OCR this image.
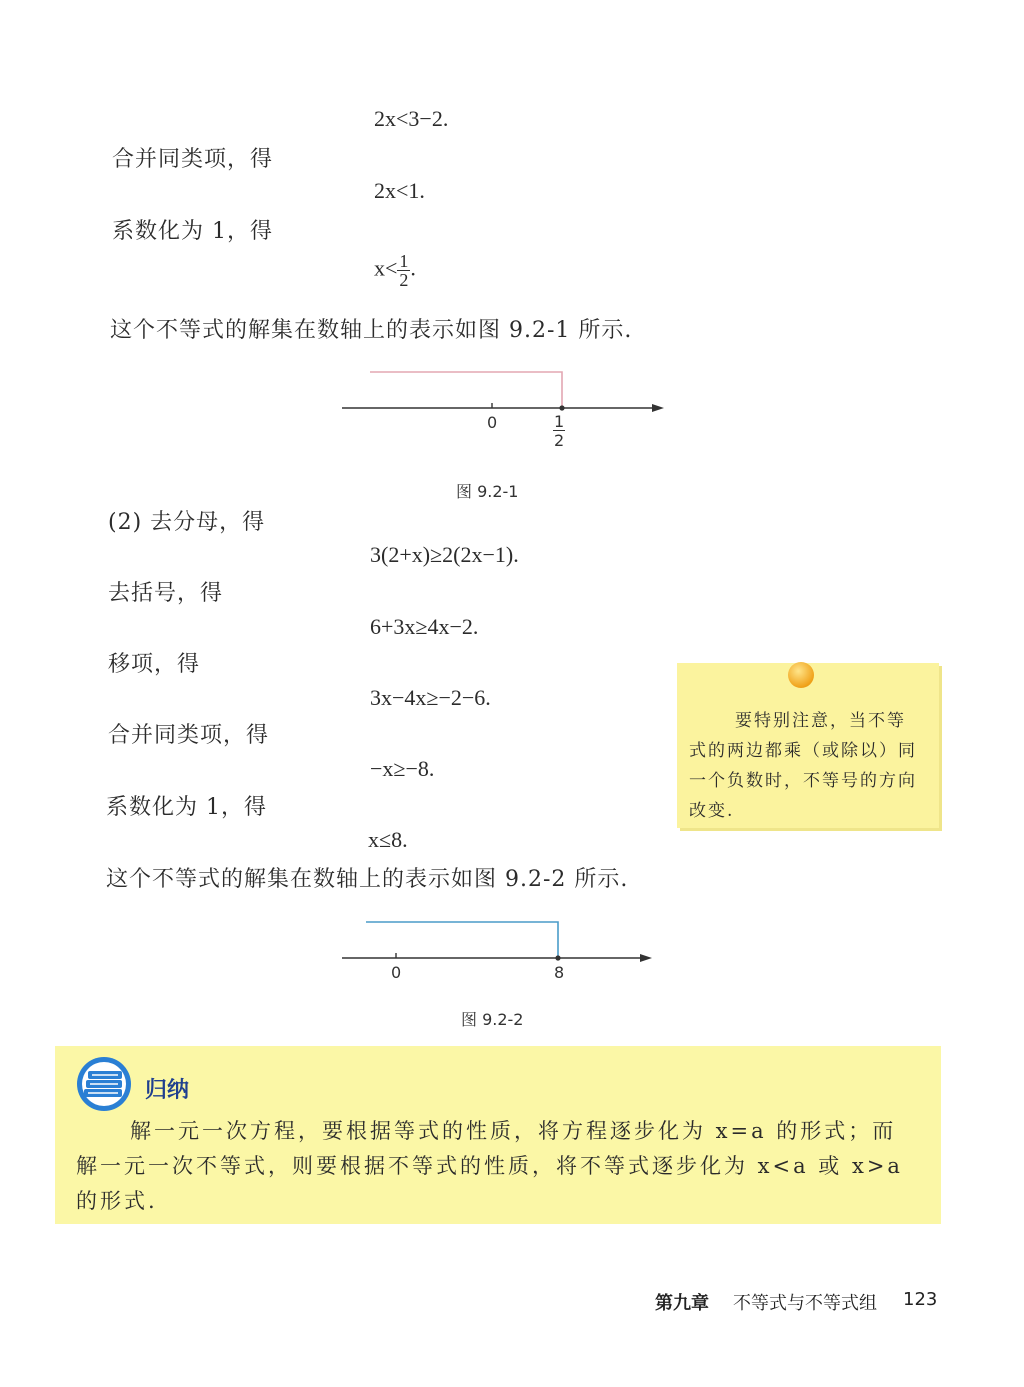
2x<3−2.
合并同类项，得
2x<1.
系数化为 1，得
$x< \frac{1}{2}$ .
这个不等式的解集在数轴上的表示如图 9.2-1 所示.
0	1
2
图 9.2-1
(2) 去分母，得
3(2+x)≥2(2x−1).
去括号，得
6+3x≥4x−2.
移项，得
3x−4x≥−2−6.
合并同类项，得
−x≥−8.
系数化为 1，得
x≤8.
这个不等式的解集在数轴上的表示如图 9.2-2 所示.
要特别注意，当不等式的两边都乘（或除以）同一个负数时，不等号的方向改变.
0	8
图 9.2-2
归纳
解一元一次方程，要根据等式的性质，将方程逐步化为 x=a 的形式；而解一元一次不等式，则要根据不等式的性质，将不等式逐步化为 x<a 或 x>a的形式.
第九章 不等式与不等式组 123
